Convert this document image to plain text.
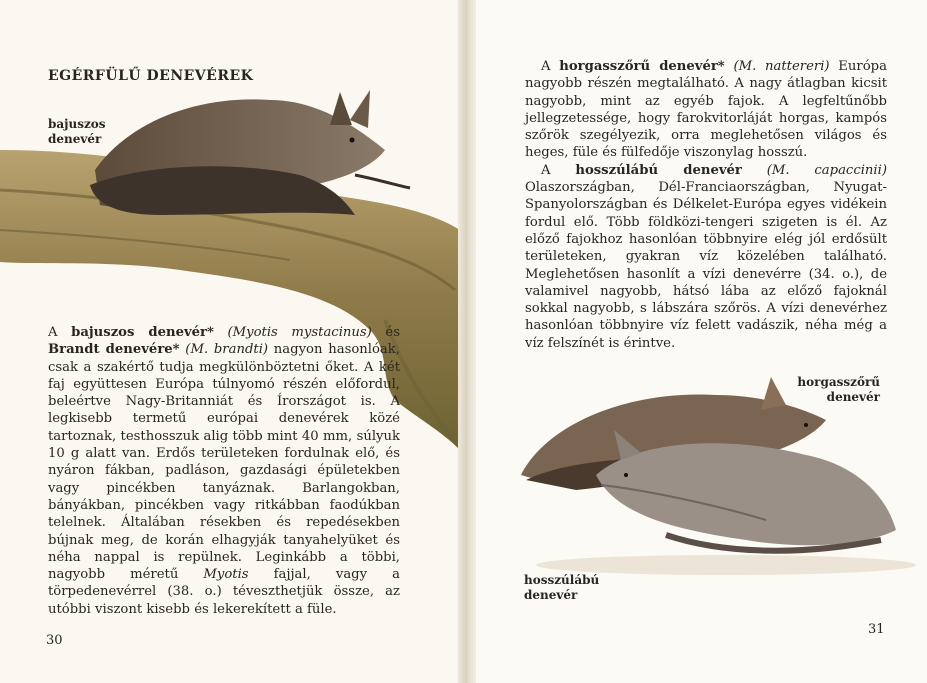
EGÉRFÜLŰ DENEVÉREK
bajuszos
denevér

A bajuszos denevér* (Myotis mystacinus) és Brandt denevére* (M. brandti) nagyon hasonlóak, csak a szakértő tudja megkülönböztetni őket. A két faj együttesen Európa túlnyomó részén előfordul, beleértve Nagy-Britanniát és Írországot is. A legkisebb termetű európai denevérek közé tartoznak, testhosszuk alig több mint 40 mm, súlyuk 10 g alatt van. Erdős területeken fordulnak elő, és nyáron fákban, padláson, gazdasági épületekben vagy pincékben tanyáznak. Barlangokban, bányákban, pincékben vagy ritkábban faodúkban telelnek. Általában résekben és repedésekben bújnak meg, de korán elhagyják tanyahelyüket és néha nappal is repülnek. Leginkább a többi, nagyobb méretű Myotis fajjal, vagy a törpedenevérrel (38. o.) téveszthetjük össze, az utóbbi viszont kisebb és lekerekített a füle.

30

A horgasszőrű denevér* (M. nattereri) Európa nagyobb részén megtalálható. A nagy átlagban kicsit nagyobb, mint az egyéb fajok. A legfeltűnőbb jellegzetessége, hogy farokvitorláját horgas, kampós szőrök szegélyezik, orra meglehetősen világos és heges, füle és fülfedője viszonylag hosszú.

A hosszúlábú denevér (M. capaccinii) Olaszországban, Dél-Franciaországban, Nyugat-Spanyolországban és Délkelet-Európa egyes vidékein fordul elő. Több földközi-tengeri szigeten is él. Az előző fajokhoz hasonlóan többnyire elég jól erdősült területeken, gyakran víz közelében található. Meglehetősen hasonlít a vízi denevérre (34. o.), de valamivel nagyobb, hátsó lába az előző fajoknál sokkal nagyobb, s lábszára szőrös. A vízi denevérhez hasonlóan többnyire víz felett vadászik, néha még a víz felszínét is érintve.

horgasszőrű
denevér
hosszúlábú
denevér
31
